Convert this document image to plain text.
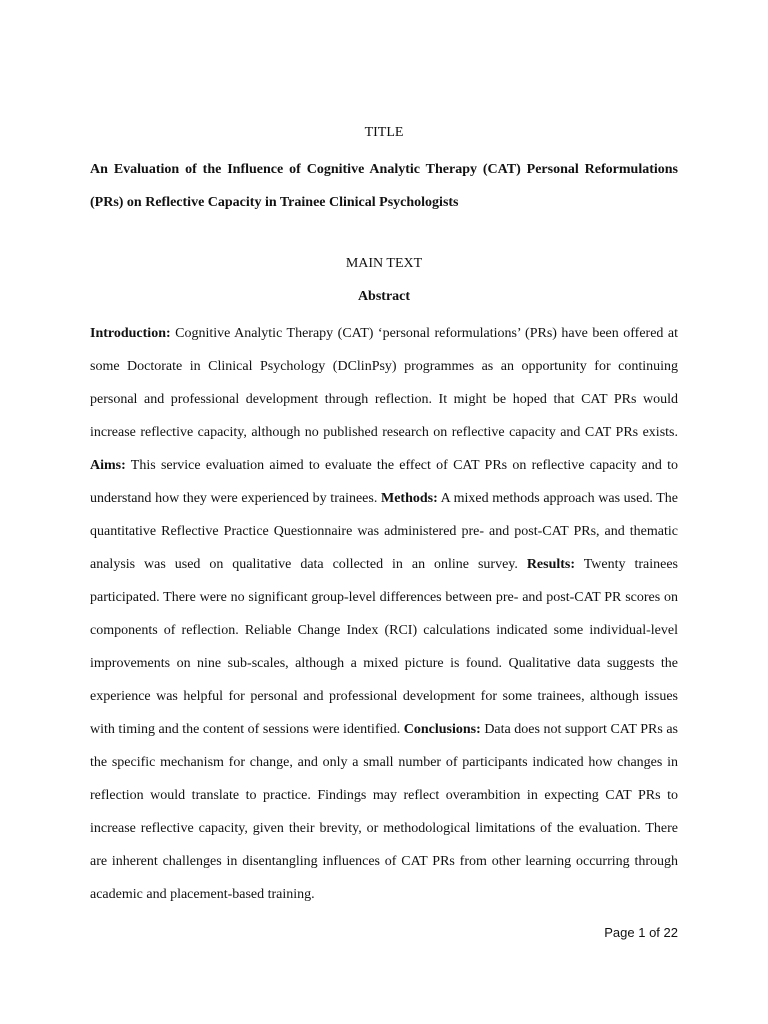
TITLE
An Evaluation of the Influence of Cognitive Analytic Therapy (CAT) Personal Reformulations (PRs) on Reflective Capacity in Trainee Clinical Psychologists
MAIN TEXT
Abstract
Introduction: Cognitive Analytic Therapy (CAT) ‘personal reformulations’ (PRs) have been offered at some Doctorate in Clinical Psychology (DClinPsy) programmes as an opportunity for continuing personal and professional development through reflection. It might be hoped that CAT PRs would increase reflective capacity, although no published research on reflective capacity and CAT PRs exists. Aims: This service evaluation aimed to evaluate the effect of CAT PRs on reflective capacity and to understand how they were experienced by trainees. Methods: A mixed methods approach was used. The quantitative Reflective Practice Questionnaire was administered pre- and post-CAT PRs, and thematic analysis was used on qualitative data collected in an online survey. Results: Twenty trainees participated. There were no significant group-level differences between pre- and post-CAT PR scores on components of reflection. Reliable Change Index (RCI) calculations indicated some individual-level improvements on nine sub-scales, although a mixed picture is found. Qualitative data suggests the experience was helpful for personal and professional development for some trainees, although issues with timing and the content of sessions were identified. Conclusions: Data does not support CAT PRs as the specific mechanism for change, and only a small number of participants indicated how changes in reflection would translate to practice. Findings may reflect overambition in expecting CAT PRs to increase reflective capacity, given their brevity, or methodological limitations of the evaluation. There are inherent challenges in disentangling influences of CAT PRs from other learning occurring through academic and placement-based training.
Page 1 of 22
